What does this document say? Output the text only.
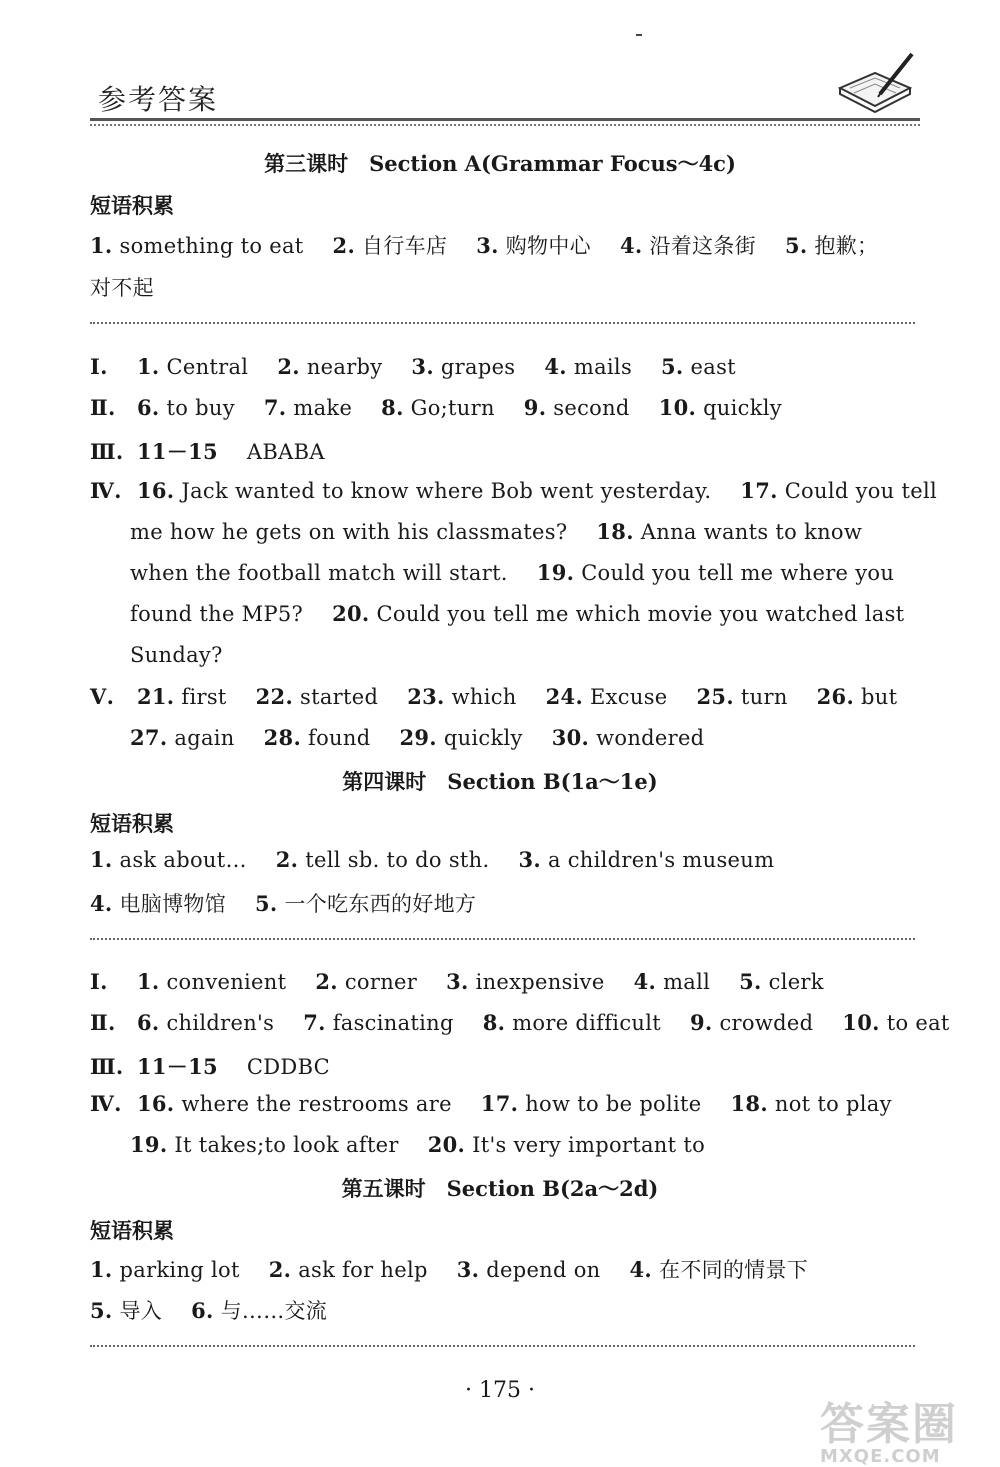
参考答案
第三课时　Section A(Grammar Focus～4c)
短语积累
1. something to eat 2. 自行车店 3. 购物中心 4. 沿着这条街 5. 抱歉；
对不起
Ⅰ. 1. Central 2. nearby 3. grapes 4. mails 5. east
Ⅱ. 6. to buy 7. make 8. Go;turn 9. second 10. quickly
Ⅲ. 11－15 ABABA
Ⅳ. 16. Jack wanted to know where Bob went yesterday. 17. Could you tell
me how he gets on with his classmates? 18. Anna wants to know
when the football match will start. 19. Could you tell me where you
found the MP5? 20. Could you tell me which movie you watched last
Sunday?
Ⅴ. 21. first 22. started 23. which 24. Excuse 25. turn 26. but
27. again 28. found 29. quickly 30. wondered
第四课时　Section B(1a～1e)
短语积累
1. ask about… 2. tell sb. to do sth. 3. a children's museum
4. 电脑博物馆 5. 一个吃东西的好地方
Ⅰ. 1. convenient 2. corner 3. inexpensive 4. mall 5. clerk
Ⅱ. 6. children's 7. fascinating 8. more difficult 9. crowded 10. to eat
Ⅲ. 11－15 CDDBC
Ⅳ. 16. where the restrooms are 17. how to be polite 18. not to play
19. It takes;to look after 20. It's very important to
第五课时　Section B(2a～2d)
短语积累
1. parking lot 2. ask for help 3. depend on 4. 在不同的情景下
5. 导入 6. 与……交流
· 175 ·
答案圈
MXQE.COM
